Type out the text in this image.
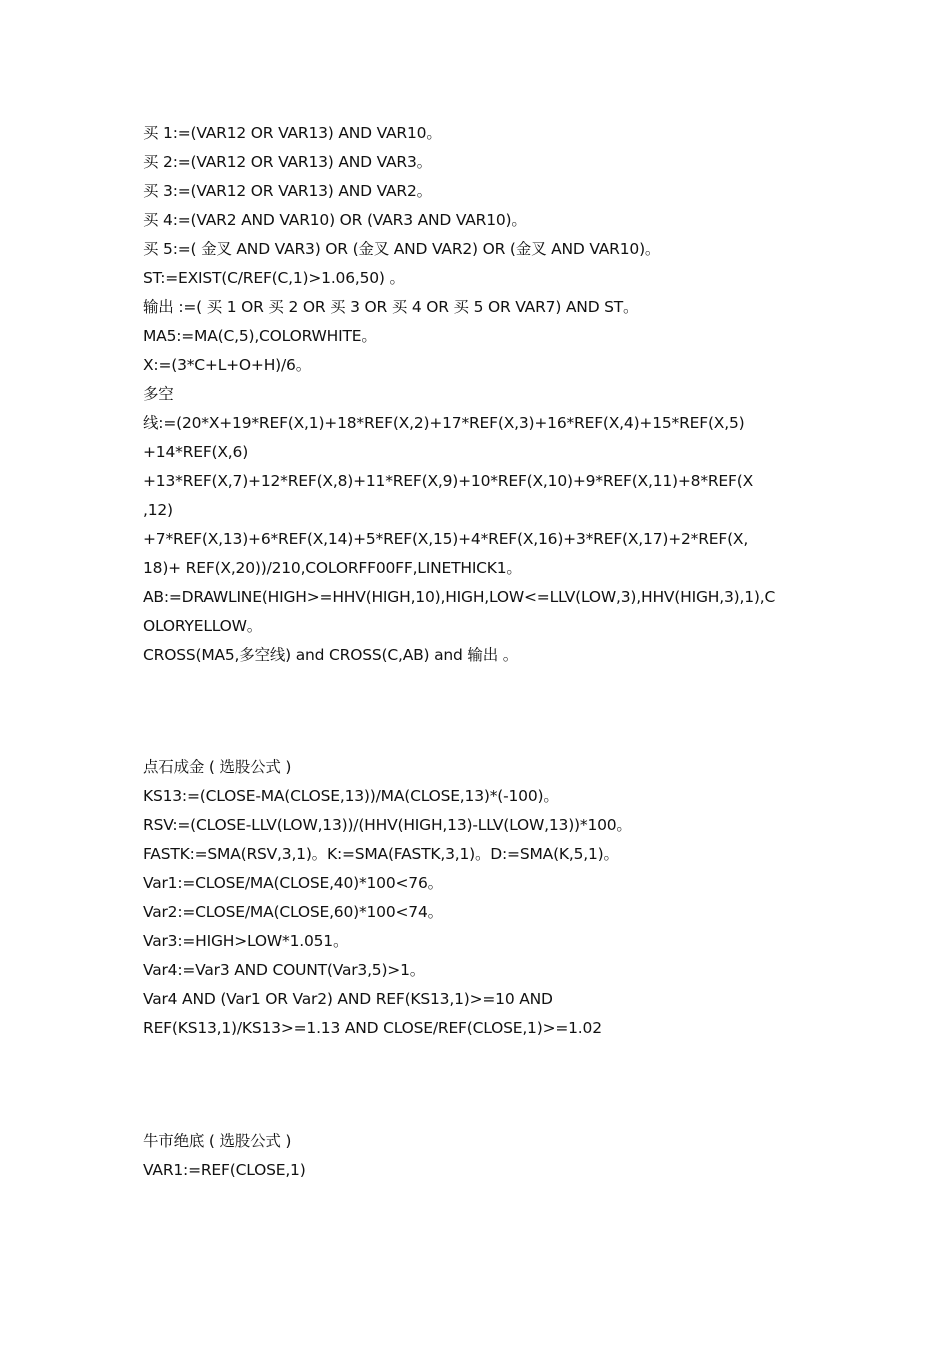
买 1:=(VAR12 OR VAR13) AND VAR10。
买 2:=(VAR12 OR VAR13) AND VAR3。
买 3:=(VAR12 OR VAR13) AND VAR2。
买 4:=(VAR2 AND VAR10) OR (VAR3 AND VAR10)。
买 5:=( 金叉 AND VAR3) OR (金叉 AND VAR2) OR (金叉 AND VAR10)。
ST:=EXIST(C/REF(C,1)>1.06,50) 。
输出 :=( 买 1 OR 买 2 OR 买 3 OR 买 4 OR 买 5 OR VAR7) AND ST。
MA5:=MA(C,5),COLORWHITE。
X:=(3*C+L+O+H)/6。
多空
线:=(20*X+19*REF(X,1)+18*REF(X,2)+17*REF(X,3)+16*REF(X,4)+15*REF(X,5)
+14*REF(X,6)
+13*REF(X,7)+12*REF(X,8)+11*REF(X,9)+10*REF(X,10)+9*REF(X,11)+8*REF(X
,12)
+7*REF(X,13)+6*REF(X,14)+5*REF(X,15)+4*REF(X,16)+3*REF(X,17)+2*REF(X,
18)+ REF(X,20))/210,COLORFF00FF,LINETHICK1。
AB:=DRAWLINE(HIGH>=HHV(HIGH,10),HIGH,LOW<=LLV(LOW,3),HHV(HIGH,3),1),C
OLORYELLOW。
CROSS(MA5,多空线) and CROSS(C,AB) and 输出 。
点石成金 ( 选股公式 )
KS13:=(CLOSE-MA(CLOSE,13))/MA(CLOSE,13)*(-100)。
RSV:=(CLOSE-LLV(LOW,13))/(HHV(HIGH,13)-LLV(LOW,13))*100。
FASTK:=SMA(RSV,3,1)。K:=SMA(FASTK,3,1)。D:=SMA(K,5,1)。
Var1:=CLOSE/MA(CLOSE,40)*100<76。
Var2:=CLOSE/MA(CLOSE,60)*100<74。
Var3:=HIGH>LOW*1.051。
Var4:=Var3 AND COUNT(Var3,5)>1。
Var4 AND (Var1 OR Var2) AND REF(KS13,1)>=10 AND
REF(KS13,1)/KS13>=1.13 AND CLOSE/REF(CLOSE,1)>=1.02
牛市绝底 ( 选股公式 )
VAR1:=REF(CLOSE,1)
